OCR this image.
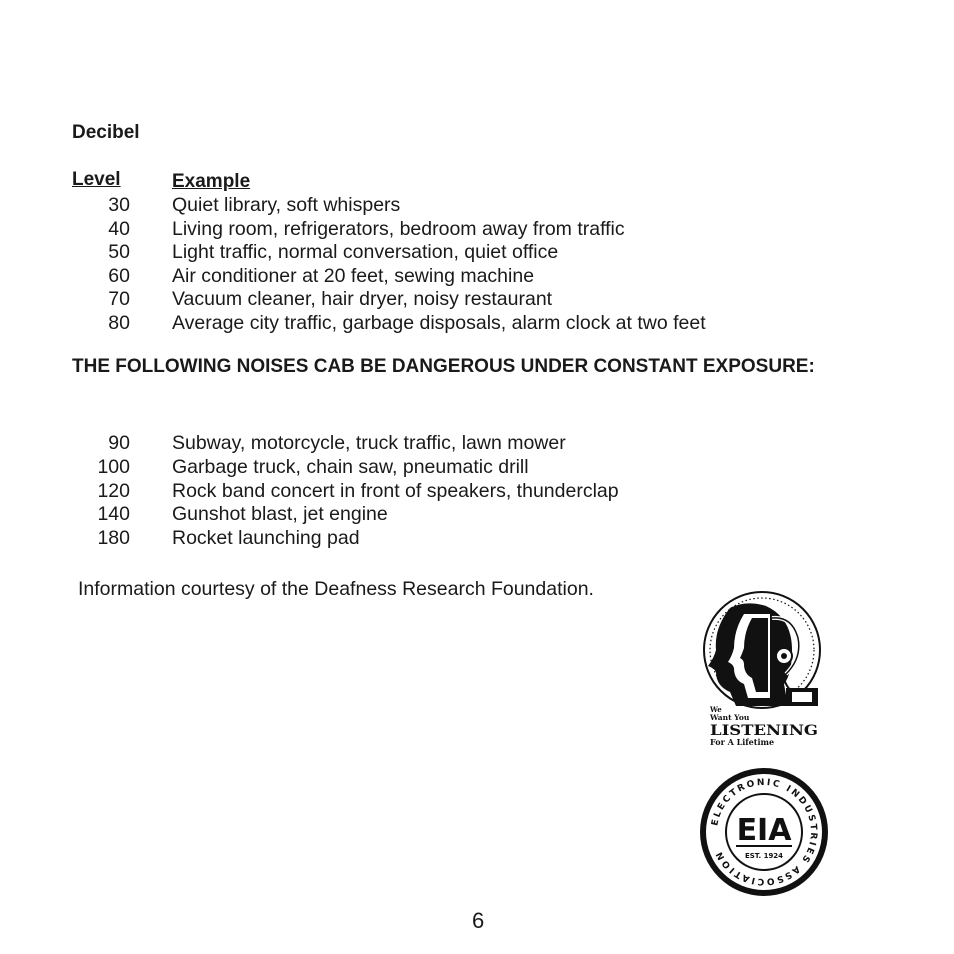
Decibel
Level	Example
30 Quiet library, soft whispers
40 Living room, refrigerators, bedroom away from traffic
50 Light traffic, normal conversation, quiet office
60 Air conditioner at 20 feet, sewing machine
70 Vacuum cleaner, hair dryer, noisy restaurant
80 Average city traffic, garbage disposals, alarm clock at two feet
THE FOLLOWING NOISES CAB BE DANGEROUS UNDER CONSTANT EXPOSURE:
90 Subway, motorcycle, truck traffic, lawn mower
100 Garbage truck, chain saw, pneumatic drill
120 Rock band concert in front of speakers, thunderclap
140 Gunshot blast, jet engine
180 Rocket launching pad
Information courtesy of the Deafness Research Foundation.
We
Want You
LISTENING
For A Lifetime
ELECTRONIC INDUSTRIES ASSOCIATION
EIA
EST. 1924
6
